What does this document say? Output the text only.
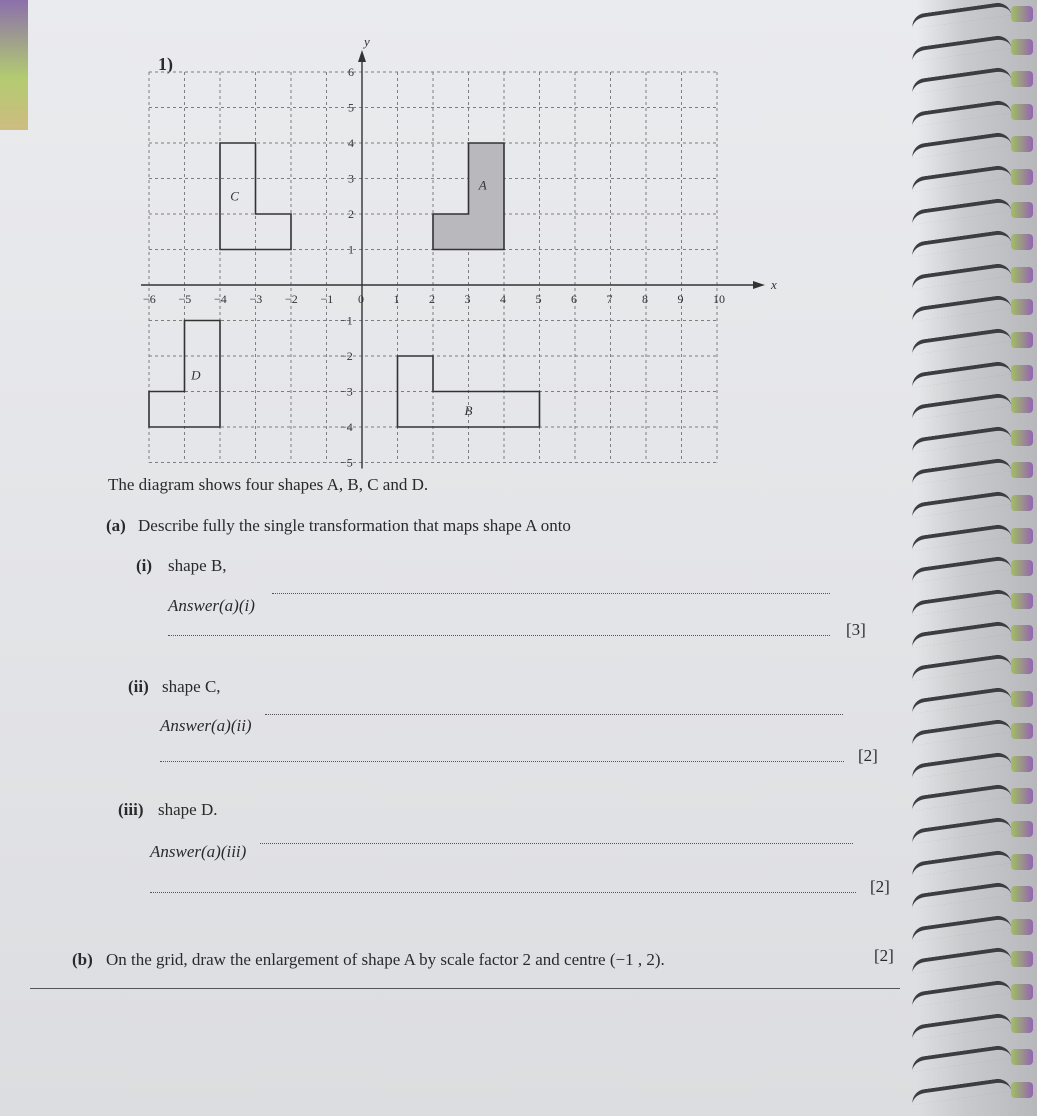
1)
A
B
C
D
x
y
−6 −5 −4 −3 −2 −1 0 1 2 3 4 5 6 7 8 9 10
6
5
4
3
2
1
−1
−2
−3
−4
−5
The diagram shows four shapes A, B, C and D.
(a) Describe fully the single transformation that maps shape A onto
(i) shape B,
Answer(a)(i)
[3]
(ii) shape C,
Answer(a)(ii)
[2]
(iii) shape D.
Answer(a)(iii)
[2]
(b) On the grid, draw the enlargement of shape A by scale factor 2 and centre (−1 , 2).	[2]
